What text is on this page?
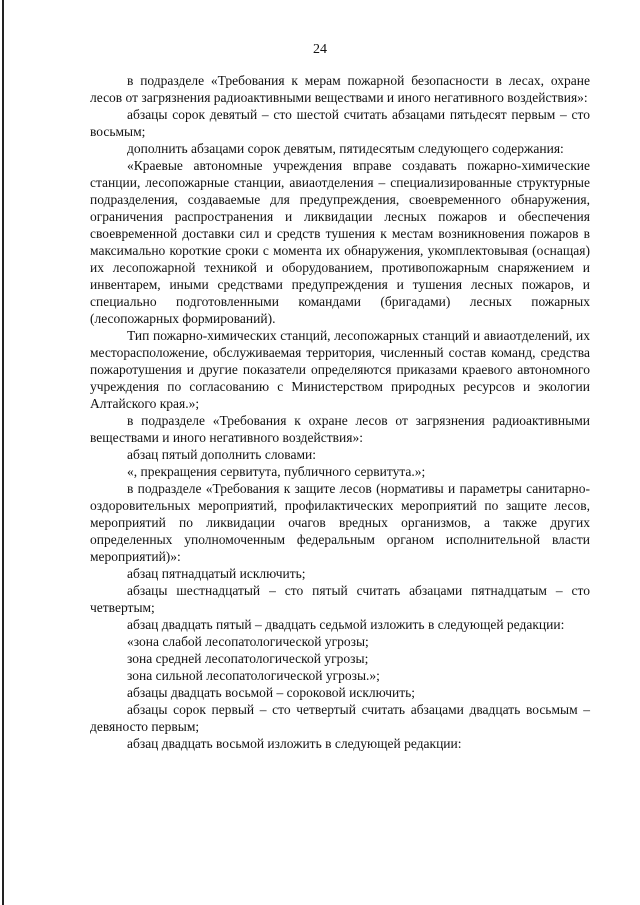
24

в подразделе «Требования к мерам пожарной безопасности в лесах, охране лесов от загрязнения радиоактивными веществами и иного негативного воздействия»:

абзацы сорок девятый – сто шестой считать абзацами пятьдесят первым – сто восьмым;

дополнить абзацами сорок девятым, пятидесятым следующего содержания:

«Краевые автономные учреждения вправе создавать пожарно-химические станции, лесопожарные станции, авиаотделения – специализированные структурные подразделения, создаваемые для предупреждения, своевременного обнаружения, ограничения распространения и ликвидации лесных пожаров и обеспечения своевременной доставки сил и средств тушения к местам возникновения пожаров в максимально короткие сроки с момента их обнаружения, укомплектовывая (оснащая) их лесопожарной техникой и оборудованием, противопожарным снаряжением и инвентарем, иными средствами предупреждения и тушения лесных пожаров, и специально подготовленными командами (бригадами) лесных пожарных (лесопожарных формирований).

Тип пожарно-химических станций, лесопожарных станций и авиаотделений, их месторасположение, обслуживаемая территория, численный состав команд, средства пожаротушения и другие показатели определяются приказами краевого автономного учреждения по согласованию с Министерством природных ресурсов и экологии Алтайского края.»;

в подразделе «Требования к охране лесов от загрязнения радиоактивными веществами и иного негативного воздействия»:

абзац пятый дополнить словами:

«, прекращения сервитута, публичного сервитута.»;

в подразделе «Требования к защите лесов (нормативы и параметры санитарно-оздоровительных мероприятий, профилактических мероприятий по защите лесов, мероприятий по ликвидации очагов вредных организмов, а также других определенных уполномоченным федеральным органом исполнительной власти мероприятий)»:

абзац пятнадцатый исключить;

абзацы шестнадцатый – сто пятый считать абзацами пятнадцатым – сто четвертым;

абзац двадцать пятый – двадцать седьмой изложить в следующей редакции:

«зона слабой лесопатологической угрозы;

зона средней лесопатологической угрозы;

зона сильной лесопатологической угрозы.»;

абзацы двадцать восьмой – сороковой исключить;

абзацы сорок первый – сто четвертый считать абзацами двадцать восьмым – девяносто первым;

абзац двадцать восьмой изложить в следующей редакции:
